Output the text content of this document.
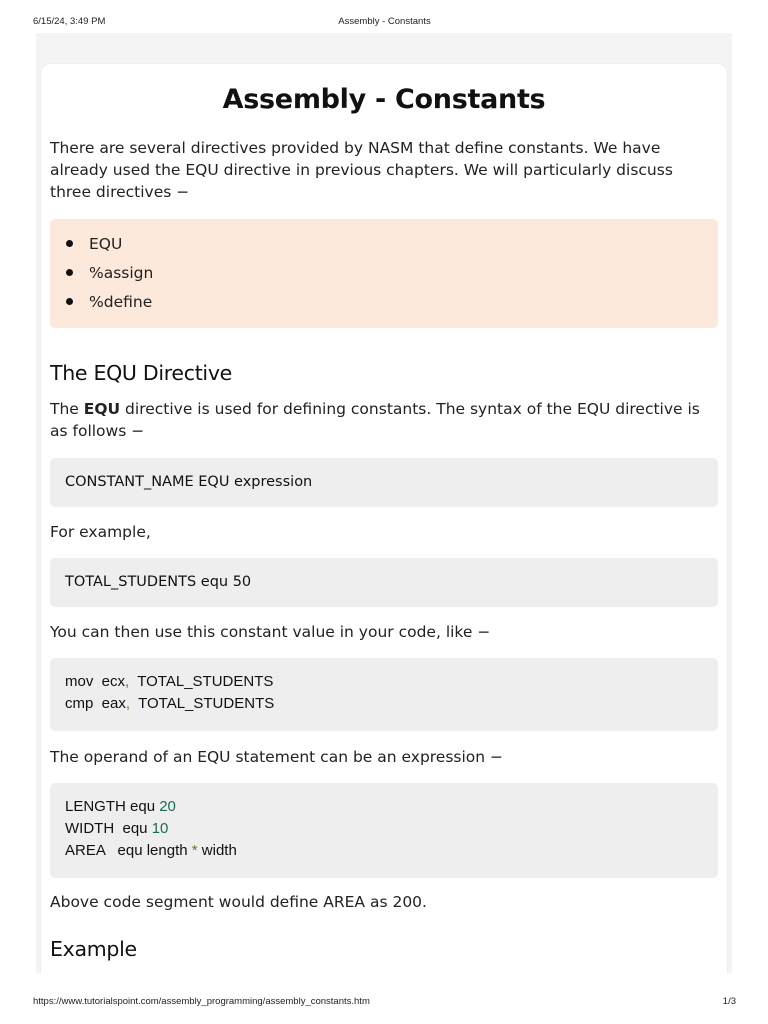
6/15/24, 3:49 PM	Assembly - Constants
Assembly - Constants

There are several directives provided by NASM that define constants. We have already used the EQU directive in previous chapters. We will particularly discuss three directives −

EQU
%assign
%define
The EQU Directive

The EQU directive is used for defining constants. The syntax of the EQU directive is as follows −

CONSTANT_NAME EQU expression

For example,

TOTAL_STUDENTS equ 50

You can then use this constant value in your code, like −

mov  ecx,  TOTAL_STUDENTS
cmp  eax,  TOTAL_STUDENTS

The operand of an EQU statement can be an expression −

LENGTH equ 20
WIDTH  equ 10
AREA   equ length * width

Above code segment would define AREA as 200.

Example
https://www.tutorialspoint.com/assembly_programming/assembly_constants.htm	1/3
